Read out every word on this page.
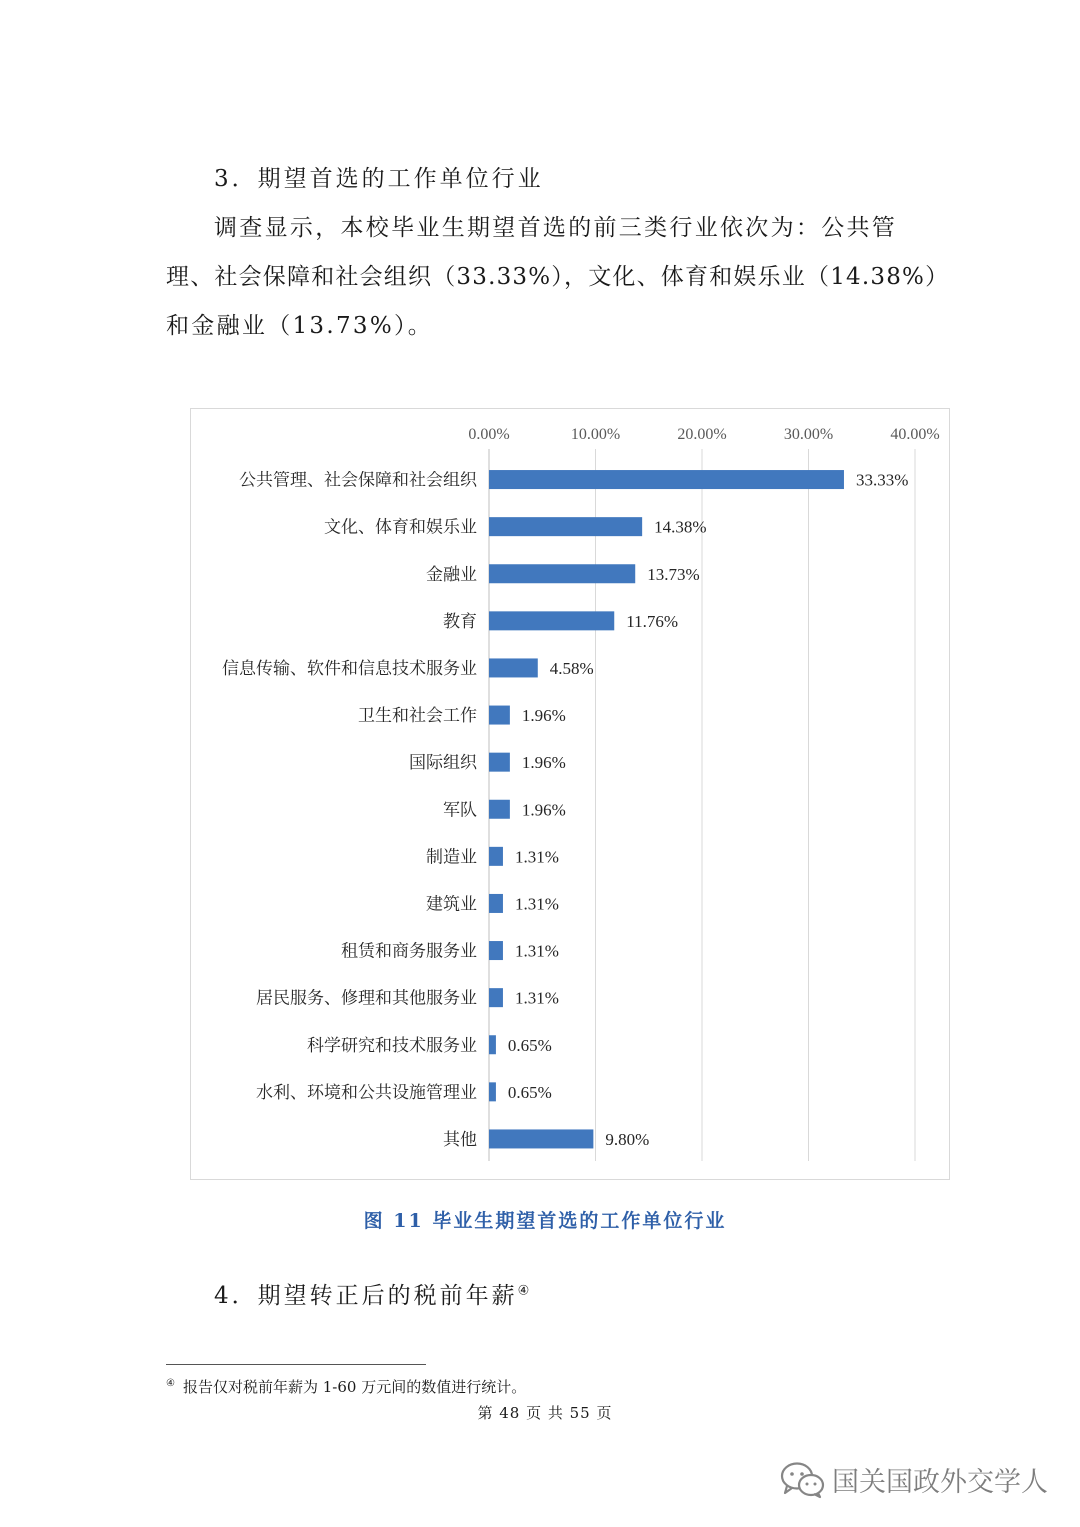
3．期望首选的工作单位行业
调查显示，本校毕业生期望首选的前三类行业依次为：公共管
理、社会保障和社会组织（33.33%），文化、体育和娱乐业（14.38%）
和金融业（13.73%）。
0.00%	10.00%	20.00%	30.00%	40.00%
公共管理、社会保障和社会组织	33.33%
文化、体育和娱乐业	14.38%
金融业	13.73%
教育	11.76%
信息传输、软件和信息技术服务业	4.58%
卫生和社会工作	1.96%
国际组织	1.96%
军队	1.96%
制造业 1.31%
建筑业 1.31%
租赁和商务服务业 1.31%
居民服务、修理和其他服务业 1.31%
科学研究和技术服务业 0.65%
水利、环境和公共设施管理业 0.65%
其他	9.80%
图 11 毕业生期望首选的工作单位行业
4．期望转正后的税前年薪④
④ 报告仅对税前年薪为 1-60 万元间的数值进行统计。
第 48 页 共 55 页
国关国政外交学人
